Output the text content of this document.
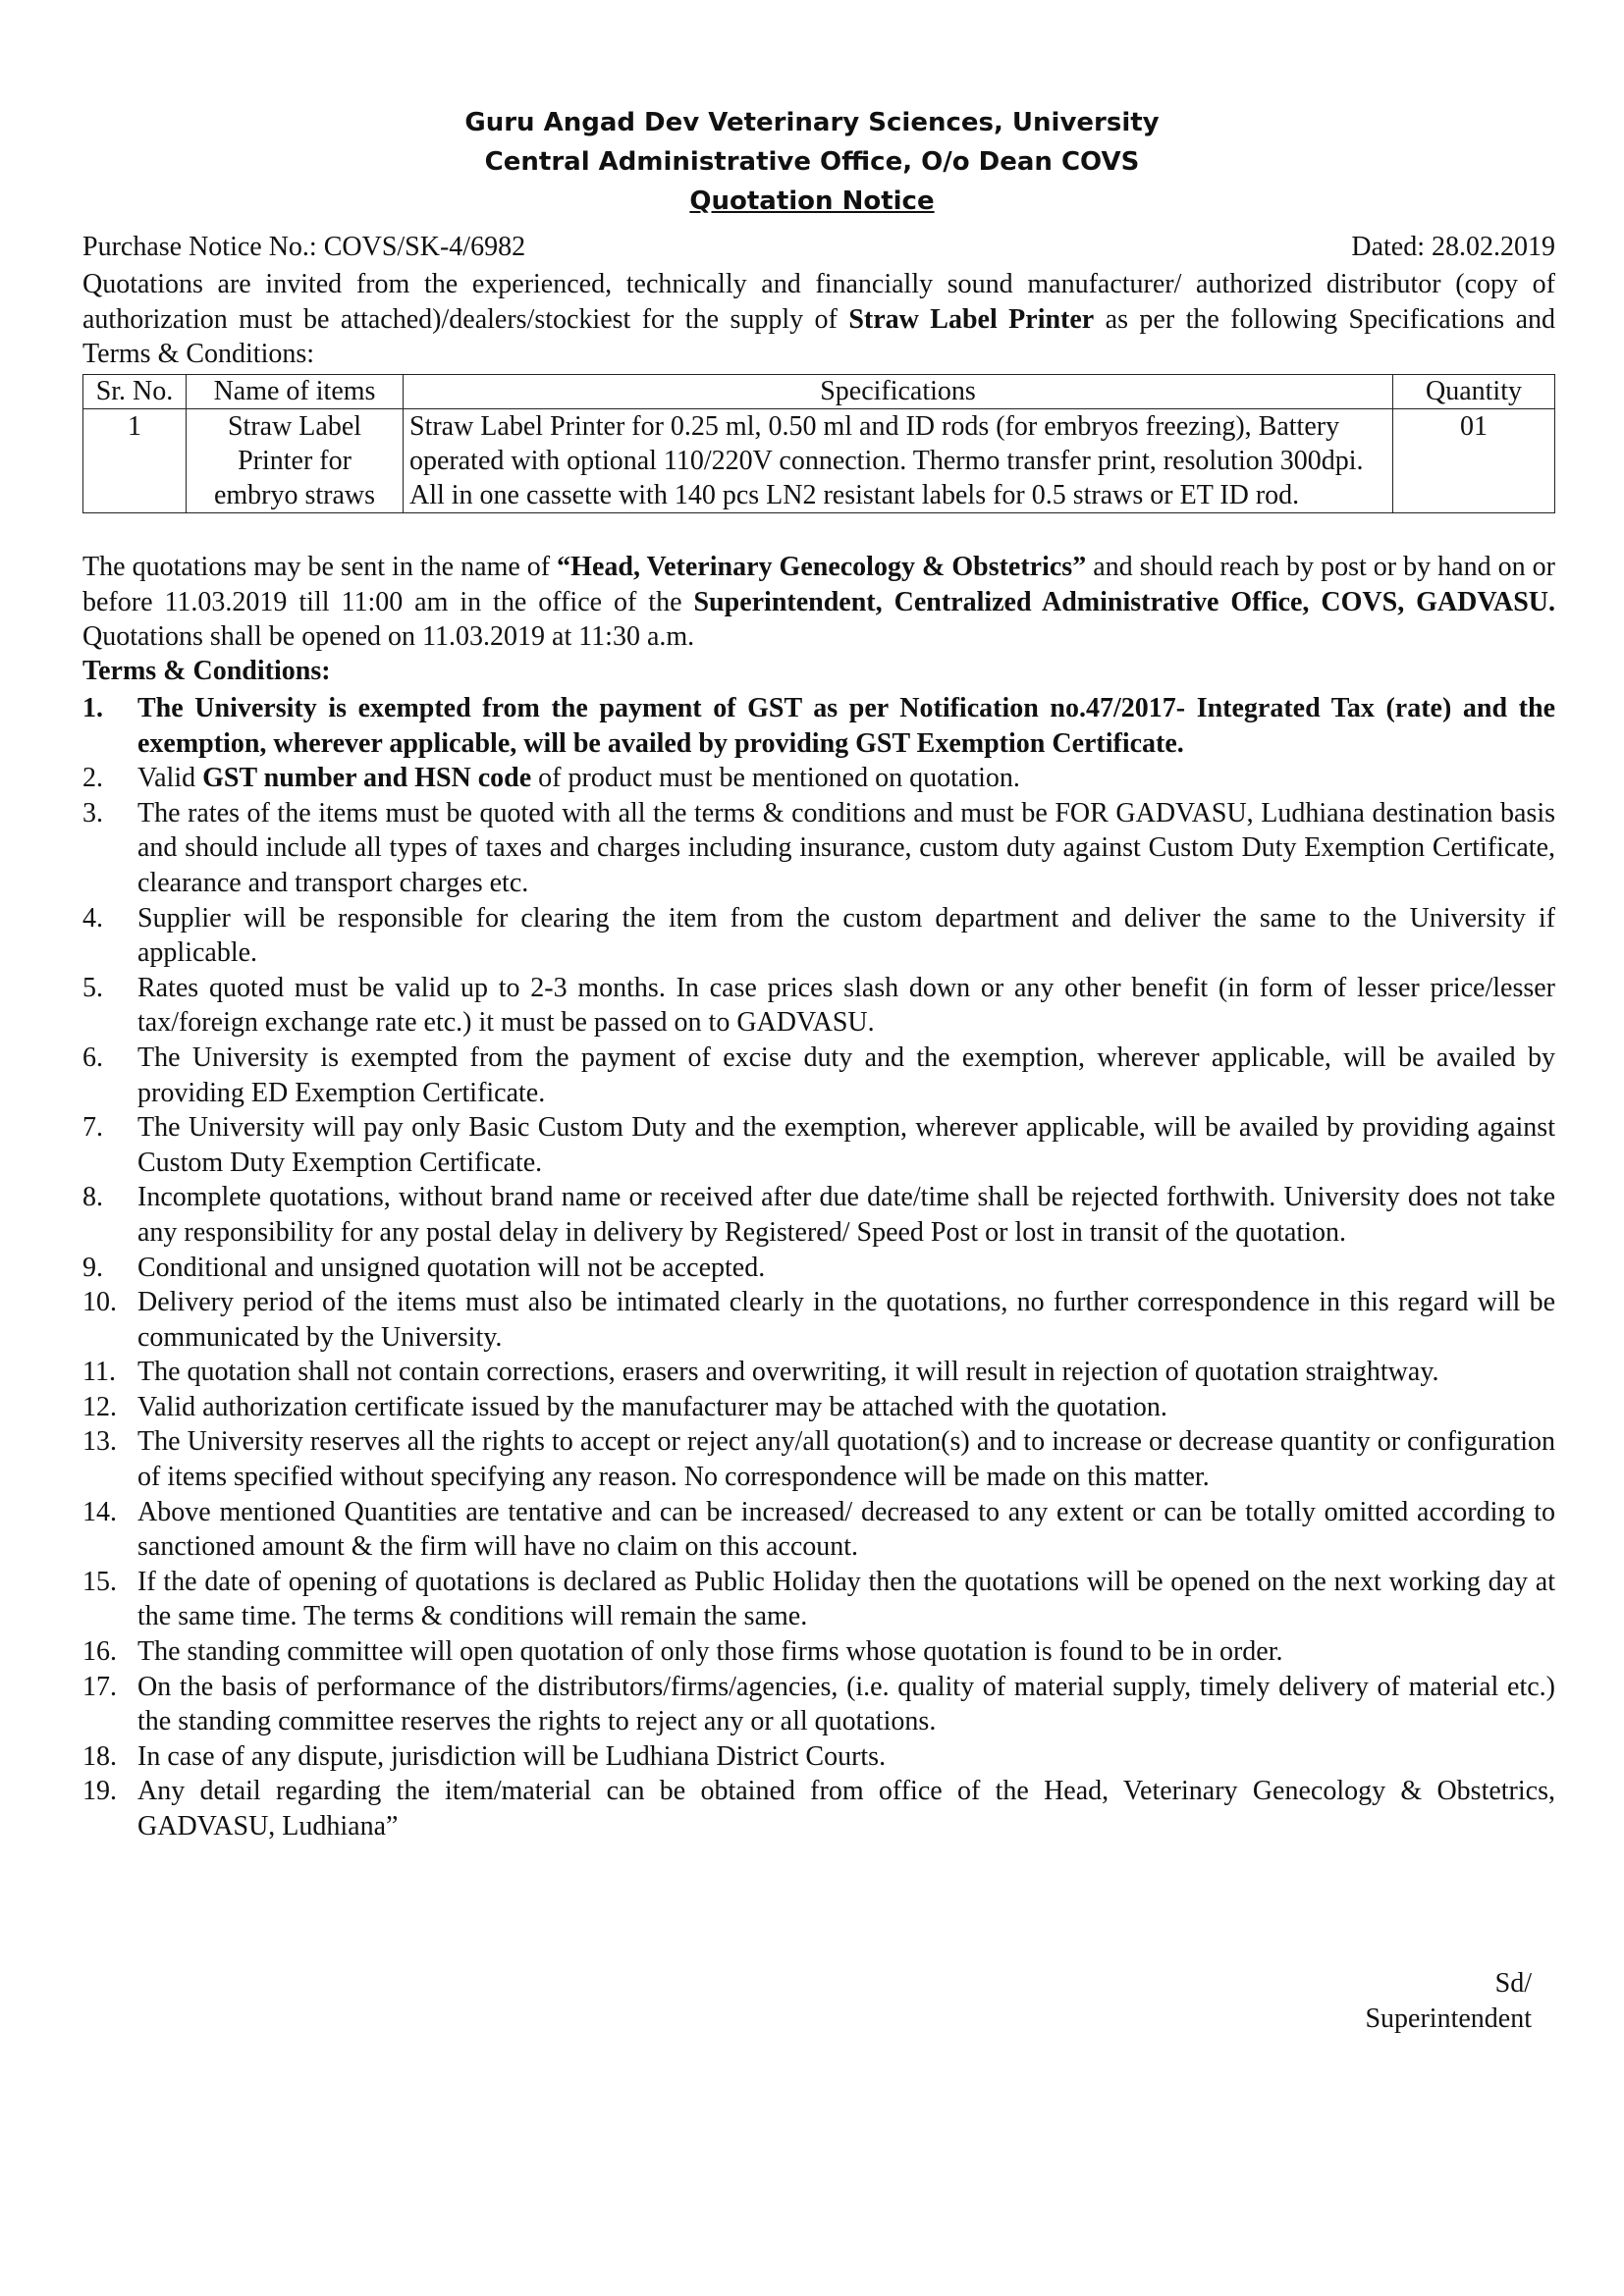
Guru Angad Dev Veterinary Sciences, University
Central Administrative Office, O/o Dean COVS
Quotation Notice
Purchase Notice No.: COVS/SK-4/6982	Dated: 28.02.2019
Quotations are invited from the experienced, technically and financially sound manufacturer/ authorized distributor (copy of authorization must be attached)/dealers/stockiest for the supply of Straw Label Printer as per the following Specifications and Terms & Conditions:
Sr. No.	Name of items	Specifications	Quantity
1	Straw Label Printer for embryo straws	Straw Label Printer for 0.25 ml, 0.50 ml and ID rods (for embryos freezing), Battery operated with optional 110/220V connection. Thermo transfer print, resolution 300dpi. All in one cassette with 140 pcs LN2 resistant labels for 0.5 straws or ET ID rod.	01
The quotations may be sent in the name of “Head, Veterinary Genecology & Obstetrics” and should reach by post or by hand on or before 11.03.2019 till 11:00 am in the office of the Superintendent, Centralized Administrative Office, COVS, GADVASU. Quotations shall be opened on 11.03.2019 at 11:30 a.m.
Terms & Conditions:
1.	The University is exempted from the payment of GST as per Notification no.47/2017- Integrated Tax (rate) and the exemption, wherever applicable, will be availed by providing GST Exemption Certificate.
2.	Valid GST number and HSN code of product must be mentioned on quotation.
3.	The rates of the items must be quoted with all the terms & conditions and must be FOR GADVASU, Ludhiana destination basis and should include all types of taxes and charges including insurance, custom duty against Custom Duty Exemption Certificate, clearance and transport charges etc.
4.	Supplier will be responsible for clearing the item from the custom department and deliver the same to the University if applicable.
5.	Rates quoted must be valid up to 2-3 months. In case prices slash down or any other benefit (in form of lesser price/lesser tax/foreign exchange rate etc.) it must be passed on to GADVASU.
6.	The University is exempted from the payment of excise duty and the exemption, wherever applicable, will be availed by providing ED Exemption Certificate.
7.	The University will pay only Basic Custom Duty and the exemption, wherever applicable, will be availed by providing against Custom Duty Exemption Certificate.
8.	Incomplete quotations, without brand name or received after due date/time shall be rejected forthwith. University does not take any responsibility for any postal delay in delivery by Registered/ Speed Post or lost in transit of the quotation.
9.	Conditional and unsigned quotation will not be accepted.
10. Delivery period of the items must also be intimated clearly in the quotations, no further correspondence in this regard will be communicated by the University.
11. The quotation shall not contain corrections, erasers and overwriting, it will result in rejection of quotation straightway.
12. Valid authorization certificate issued by the manufacturer may be attached with the quotation.
13. The University reserves all the rights to accept or reject any/all quotation(s) and to increase or decrease quantity or configuration of items specified without specifying any reason. No correspondence will be made on this matter.
14. Above mentioned Quantities are tentative and can be increased/ decreased to any extent or can be totally omitted according to sanctioned amount & the firm will have no claim on this account.
15. If the date of opening of quotations is declared as Public Holiday then the quotations will be opened on the next working day at the same time. The terms & conditions will remain the same.
16. The standing committee will open quotation of only those firms whose quotation is found to be in order.
17. On the basis of performance of the distributors/firms/agencies, (i.e. quality of material supply, timely delivery of material etc.) the standing committee reserves the rights to reject any or all quotations.
18. In case of any dispute, jurisdiction will be Ludhiana District Courts.
19. Any detail regarding the item/material can be obtained from office of the Head, Veterinary Genecology & Obstetrics, GADVASU, Ludhiana”
Sd/
Superintendent
